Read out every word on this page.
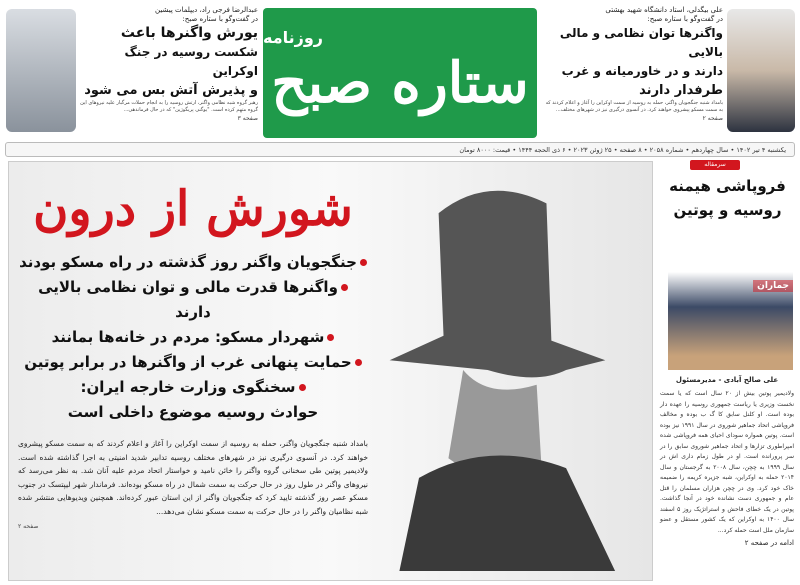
عبدالرضا فرجی راد، دیپلمات پیشین
در گفت‌وگو با ستاره صبح:
یورش واگنرها باعث
شکست روسیه در جنگ اوکراین
و پذیرش آتش بس می شود
رهبر گروه شبه نظامی واگنر، ارتش روسیه را به انجام حملات مرگبار علیه نیروهای این گروه متهم کرده است. "یوگنی پریگوژین" که در حال فرماندهی...
صفحه ۳
روزنامه
ستاره صبح
علی بیگدلی، استاد دانشگاه شهید بهشتی
در گفت‌وگو با ستاره صبح:
واگنرها توان نظامی و مالی بالایی
دارند و در خاورمیانه و غرب
طرفدار دارند
بامداد شنبه جنگجویان واگنر، حمله به روسیه از سمت اوکراین را آغاز و اعلام کردند که به سمت مسکو پیشروی خواهند کرد. در آنسوی درگیری نیز در شهرهای مختلف...
صفحه ۲
یکشنبه ۴ تیر ۱۴۰۲ • سال چهاردهم • شماره ۲۰۵۸ • ۸ صفحه • ۲۵ ژوئن ۲۰۲۳ • ۶ ذی الحجه ۱۴۴۴ • قیمت: ۸۰۰۰ تومان
شورش از درون
جنگجویان واگنر روز گذشته در راه مسکو بودند
واگنرها قدرت مالی و توان نظامی بالایی دارند
شهردار مسکو: مردم در خانه‌ها بمانند
حمایت پنهانی غرب از واگنرها در برابر پوتین
سخنگوی وزارت خارجه ایران:
حوادث روسیه موضوع داخلی است
بامداد شنبه جنگجویان واگنر، حمله به روسیه از سمت اوکراین را آغاز و اعلام کردند که به سمت مسکو پیشروی خواهند کرد. در آنسوی درگیری نیز در شهرهای مختلف روسیه تدابیر شدید امنیتی به اجرا گذاشته شده است. ولادیمیر پوتین طی سخنانی گروه واگنر را خائن نامید و خواستار اتحاد مردم علیه آنان شد. به نظر می‌رسد که نیروهای واگنر در طول روز در حال حرکت به سمت شمال در راه مسکو بوده‌اند. فرماندار شهر لیپتسک در جنوب مسکو عصر روز گذشته تایید کرد که جنگجویان واگنر از این استان عبور کرده‌اند. همچنین ویدیوهایی منتشر شده شبه نظامیان واگنر را در حال حرکت به سمت مسکو نشان می‌دهد...
صفحه ۲
سرمقاله
فروپاشی هیمنه
روسیه و پوتین
جماران
علی صالح آبادی - مدیرمسئول
ولادیمیر پوتین بیش از ۲۰ سال است که یا سمت نخست وزیری یا ریاست جمهوری روسیه را عهده دار بوده است. او کلنل سابق کا گ ب بوده و مخالف فروپاشی اتحاد جماهیر شوروی در سال ۱۹۹۱ نیز بوده است. پوتین همواره سودای احیای همه فروپاشی شده امپراطوری تزارها و اتحاد جماهیر شوروی سابق را در سر پرورانده است. او در طول زمام داری اش در سال ۱۹۹۹ به چچن، سال ۲۰۰۸ به گرجستان و سال ۲۰۱۴ حمله به اوکراین، شبه جزیره کریمه را ضمیمه خاک خود کرد. وی در چچن هزاران مسلمان را قتل عام و جمهوری دست نشانده خود در آنجا گذاشت. پوتین در یک خطای فاحش و استراتژیک روز ۵ اسفند سال ۱۴۰۰ به اوکراین که یک کشور مستقل و عضو سازمان ملل است حمله کرد...
ادامه در صفحه ۲
